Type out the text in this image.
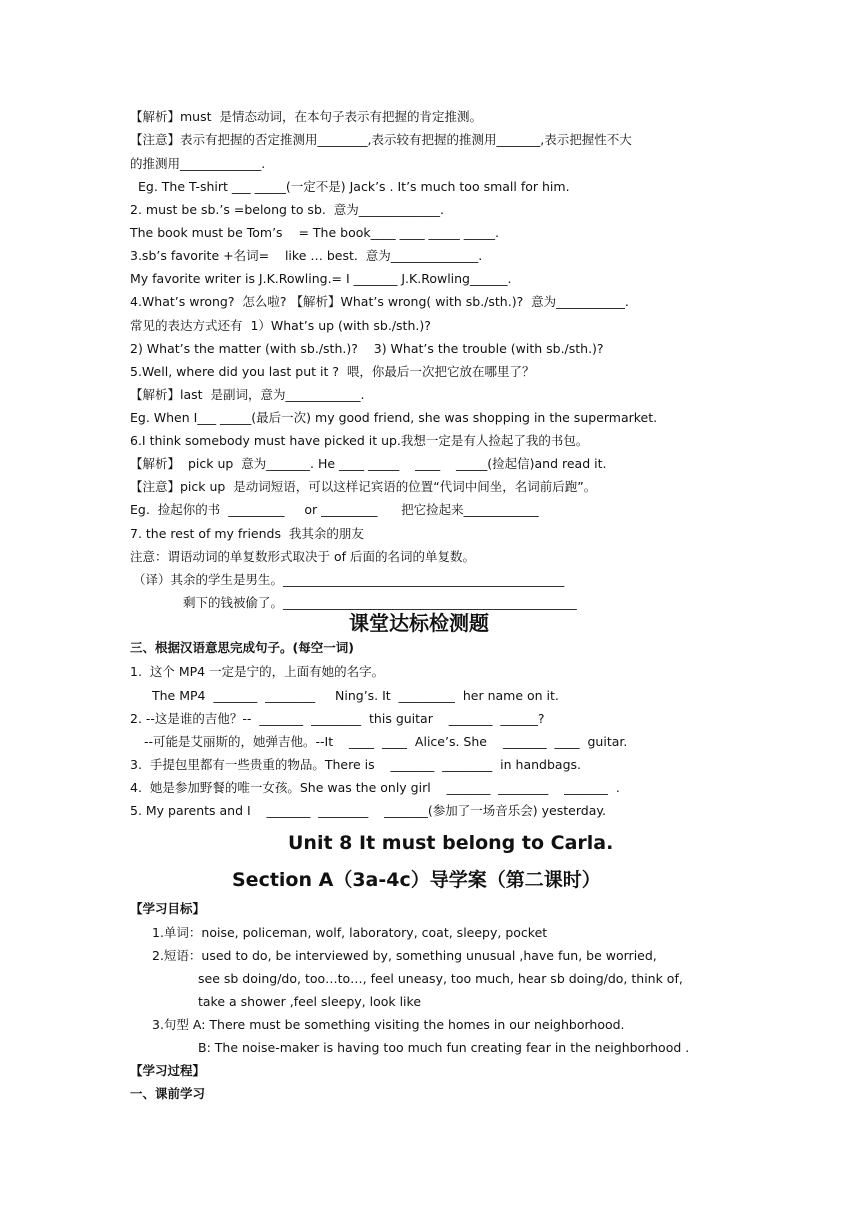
【解析】must  是情态动词，在本句子表示有把握的肯定推测。
【注意】表示有把握的否定推测用________,表示较有把握的推测用_______,表示把握性不大
的推测用_____________.
Eg. The T-shirt ___ _____(一定不是) Jack’s . It’s much too small for him.
2. must be sb.’s =belong to sb.  意为_____________.
The book must be Tom’s    = The book____ ____ _____ _____.
3.sb’s favorite +名词=    like … best.  意为______________.
My favorite writer is J.K.Rowling.= I _______ J.K.Rowling______.
4.What’s wrong?  怎么啦? 【解析】What’s wrong( with sb./sth.)?  意为___________.
常见的表达方式还有  1）What’s up (with sb./sth.)?
2) What’s the matter (with sb./sth.)?    3) What’s the trouble (with sb./sth.)?
5.Well, where did you last put it ?  喂，你最后一次把它放在哪里了？
【解析】last  是副词，意为____________.
Eg. When I___ _____(最后一次) my good friend, she was shopping in the supermarket.
6.I think somebody must have picked it up.我想一定是有人捡起了我的书包。
【解析】  pick up  意为_______. He ____ _____    ____    _____(捡起信)and read it.
【注意】pick up  是动词短语，可以这样记宾语的位置“代词中间坐，名词前后跑”。
Eg.  捡起你的书  _________     or _________      把它捡起来____________
7. the rest of my friends  我其余的朋友
注意：谓语动词的单复数形式取决于 of 后面的名词的单复数。
（译）其余的学生是男生。_____________________________________________
剩下的钱被偷了。_______________________________________________
课堂达标检测题
三、根据汉语意思完成句子。(每空一词)
1.  这个 MP4 一定是宁的，上面有她的名字。
The MP4  _______  ________     Ning’s. It  _________  her name on it.
2. --这是谁的吉他？--  _______  ________  this guitar    _______  ______?
--可能是艾丽斯的，她弹吉他。--It    ____  ____  Alice’s. She    _______  ____  guitar.
3.  手提包里都有一些贵重的物品。There is    _______  ________  in handbags.
4.  她是参加野餐的唯一女孩。She was the only girl    _______  ________    _______  .
5. My parents and I    _______  ________    _______(参加了一场音乐会) yesterday.
Unit 8 It must belong to Carla.
Section A（3a-4c）导学案（第二课时）
【学习目标】
1.单词：noise, policeman, wolf, laboratory, coat, sleepy, pocket
2.短语：used to do, be interviewed by, something unusual ,have fun, be worried,
see sb doing/do, too…to…, feel uneasy, too much, hear sb doing/do, think of,
take a shower ,feel sleepy, look like
3.句型 A: There must be something visiting the homes in our neighborhood.
B: The noise-maker is having too much fun creating fear in the neighborhood .
【学习过程】
一、课前学习
